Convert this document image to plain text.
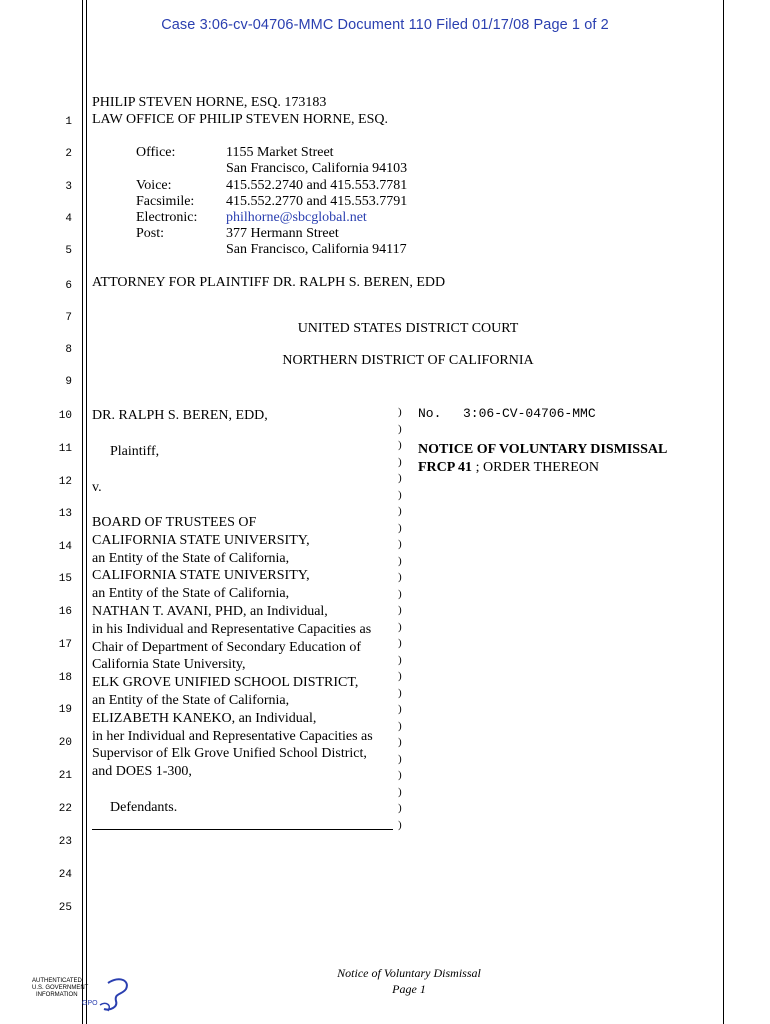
Case 3:06-cv-04706-MMC Document 110 Filed 01/17/08 Page 1 of 2
1
2
3
4
5
6
7
8
9
10
11
12
13
14
15
16
17
18
19
20
21
22
23
24
25
PHILIP STEVEN HORNE, ESQ. 173183
LAW OFFICE OF PHILIP STEVEN HORNE, ESQ.
Office:	1155 Market Street
San Francisco, California 94103
Voice:	415.552.2740 and 415.553.7781
Facsimile: 415.552.2770 and 415.553.7791
Electronic: philhorne@sbcglobal.net
Post:	377 Hermann Street
San Francisco, California 94117
ATTORNEY FOR PLAINTIFF DR. RALPH S. BEREN, EDD
UNITED STATES DISTRICT COURT
NORTHERN DISTRICT OF CALIFORNIA
DR. RALPH S. BEREN, EDD,
Plaintiff,
v.
BOARD OF TRUSTEES OF
CALIFORNIA STATE UNIVERSITY,
an Entity of the State of California,
CALIFORNIA STATE UNIVERSITY,
an Entity of the State of California,
NATHAN T. AVANI, PHD, an Individual,
in his Individual and Representative Capacities as
Chair of Department of Secondary Education of
California State University,
ELK GROVE UNIFIED SCHOOL DISTRICT,
an Entity of the State of California,
ELIZABETH KANEKO, an Individual,
in her Individual and Representative Capacities as
Supervisor of Elk Grove Unified School District,
and DOES 1-300,
Defendants.
)
)
)
)
)
)
)
)
)
)
)
)
)
)
)
)
)
)
)
)
)
)
)
)
)
)
No. 3:06-CV-04706-MMC
NOTICE OF VOLUNTARY DISMISSAL
FRCP 41 ; ORDER THEREON
Notice of Voluntary Dismissal
Page 1
AUTHENTICATED
U.S. GOVERNMENT
INFORMATION
GPO
